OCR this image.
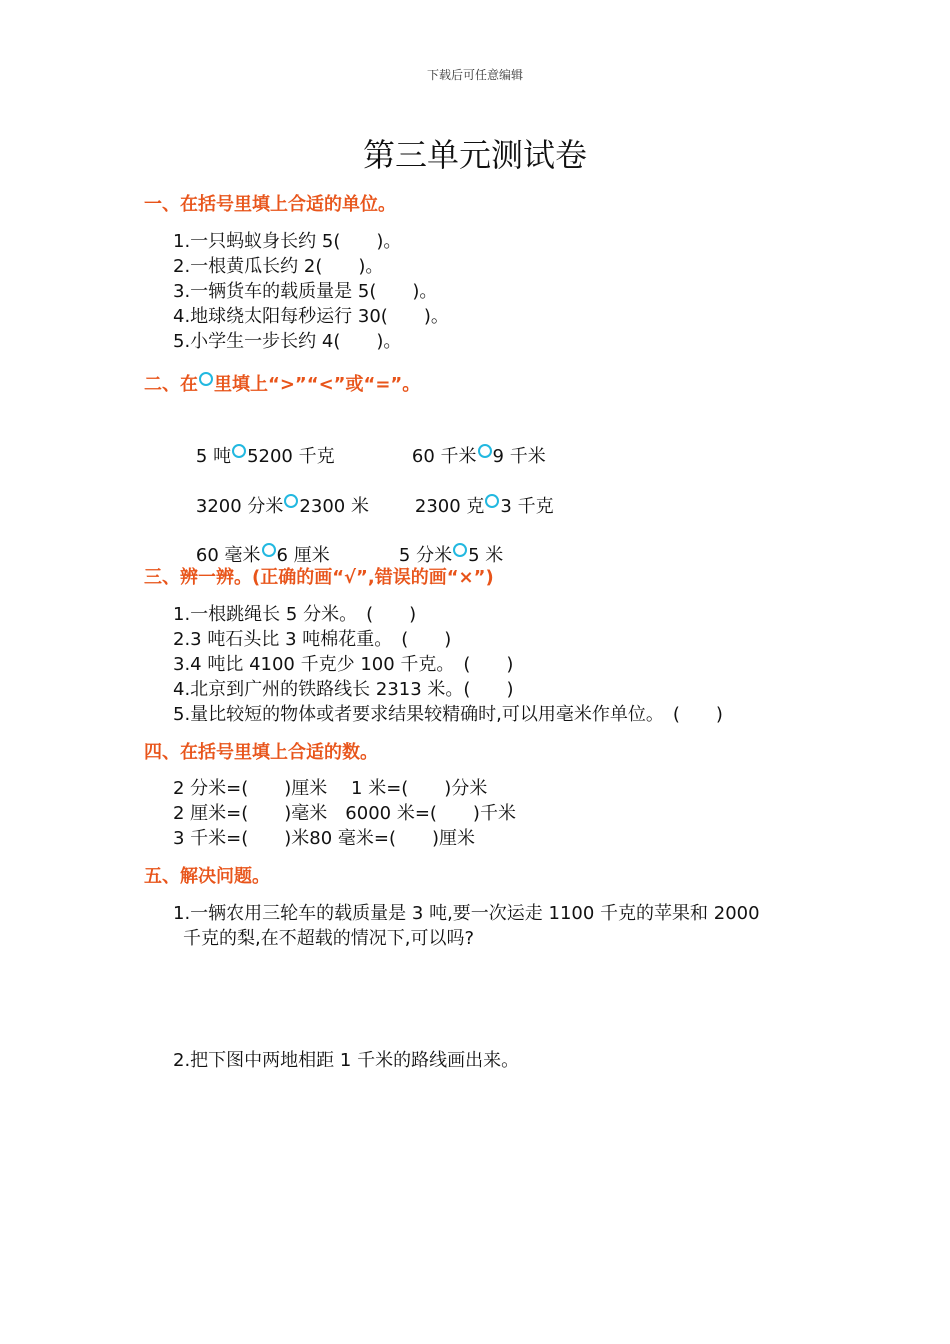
下载后可任意编辑
第三单元测试卷
一、在括号里填上合适的单位。
1.一只蚂蚁身长约 5(　　)。
2.一根黄瓜长约 2(　　)。
3.一辆货车的载质量是 5(　　)。
4.地球绕太阳每秒运行 30(　　)。
5.小学生一步长约 4(　　)。
二、在 里填上“>”“<”或“=”。

5 吨 5200 千克
	60 千米 9 千米

3200 分米 2300 米
	2300 克 3 千克

60 毫米 6 厘米
	5 分米 5 米

三、辨一辨。(正确的画“√”,错误的画“×”)
1.一根跳绳长 5 分米。　(　　)
2.3 吨石头比 3 吨棉花重。　(　　)
3.4 吨比 4100 千克少 100 千克。　(　　)
4.北京到广州的铁路线长 2313 米。(　　)
5.量比较短的物体或者要求结果较精确时,可以用毫米作单位。　(　　)
四、在括号里填上合适的数。
2 分米=(　　)厘米　 1 米=(　　)分米
2 厘米=(　　)毫米　6000 米=(　　)千米
3 千米=(　　)米80 毫米=(　　)厘米
五、解决问题。
1.一辆农用三轮车的载质量是 3 吨,要一次运走 1100 千克的苹果和 2000
千克的梨,在不超载的情况下,可以吗?
2.把下图中两地相距 1 千米的路线画出来。
